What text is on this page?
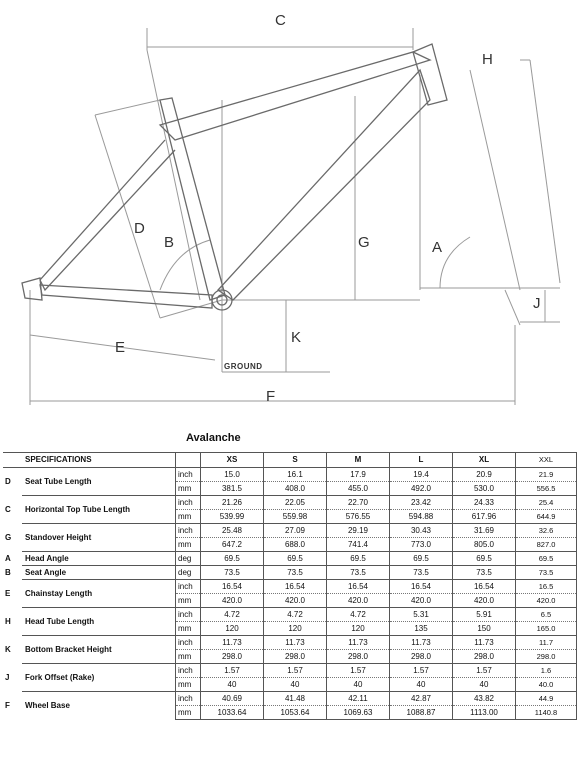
C
H
D
B	G	A
J
K
E
F
GROUND
Avalanche
	SPECIFICATIONS		XS	S	M	L	XL	XXL
D	Seat Tube Length	inch	15.0	16.1	17.9	19.4	20.9	21.9
		mm	381.5	408.0	455.0	492.0	530.0	556.5
C	Horizontal Top Tube Length	inch	21.26	22.05	22.70	23.42	24.33	25.4
		mm	539.99	559.98	576.55	594.88	617.96	644.9
G	Standover Height	inch	25.48	27.09	29.19	30.43	31.69	32.6
		mm	647.2	688.0	741.4	773.0	805.0	827.0
A	Head Angle	deg	69.5	69.5	69.5	69.5	69.5	69.5
B	Seat Angle	deg	73.5	73.5	73.5	73.5	73.5	73.5
E	Chainstay Length	inch	16.54	16.54	16.54	16.54	16.54	16.5
		mm	420.0	420.0	420.0	420.0	420.0	420.0
H	Head Tube Length	inch	4.72	4.72	4.72	5.31	5.91	6.5
		mm	120	120	120	135	150	165.0
K	Bottom Bracket Height	inch	11.73	11.73	11.73	11.73	11.73	11.7
		mm	298.0	298.0	298.0	298.0	298.0	298.0
J	Fork Offset (Rake)	inch	1.57	1.57	1.57	1.57	1.57	1.6
		mm	40	40	40	40	40	40.0
F	Wheel Base	inch	40.69	41.48	42.11	42.87	43.82	44.9
		mm	1033.64	1053.64	1069.63	1088.87	1113.00	1140.8
